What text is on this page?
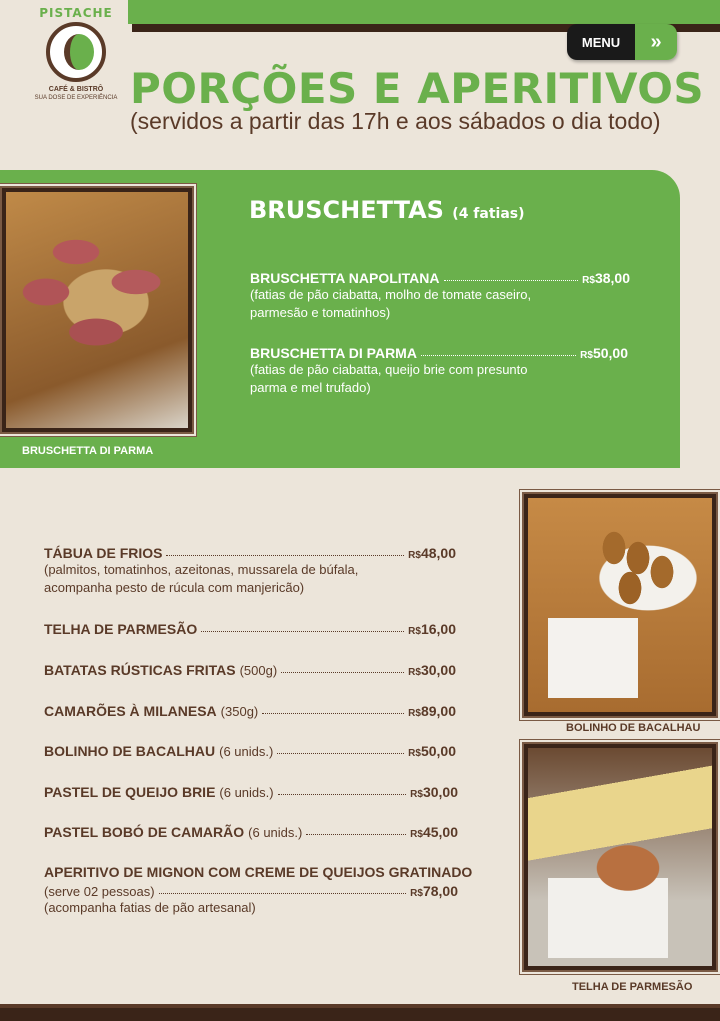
PISTACHE
CAFÉ & BISTRÔ
SUA DOSE DE EXPERIÊNCIA
MENU	»
PORÇÕES E APERITIVOS
(servidos a partir das 17h e aos sábados o dia todo)
BRUSCHETTA DI PARMA
BRUSCHETTAS (4 fatias)
BRUSCHETTA NAPOLITANA	R$38,00
(fatias de pão ciabatta, molho de tomate caseiro,
parmesão e tomatinhos)
BRUSCHETTA DI PARMA	R$50,00
(fatias de pão ciabatta, queijo brie com presunto
parma e mel trufado)
TÁBUA DE FRIOS	R$48,00
(palmitos, tomatinhos, azeitonas, mussarela de búfala,
acompanha pesto de rúcula com manjericão)
TELHA DE PARMESÃO	R$16,00
BATATAS RÚSTICAS FRITAS (500g)	R$30,00
CAMARÕES À MILANESA (350g)	R$89,00
BOLINHO DE BACALHAU (6 unids.)	R$50,00
PASTEL DE QUEIJO BRIE (6 unids.)	R$30,00
PASTEL BOBÓ DE CAMARÃO (6 unids.)	R$45,00
APERITIVO DE MIGNON COM CREME DE QUEIJOS GRATINADO
(serve 02 pessoas)	R$78,00
(acompanha fatias de pão artesanal)
BOLINHO DE BACALHAU
TELHA DE PARMESÃO
